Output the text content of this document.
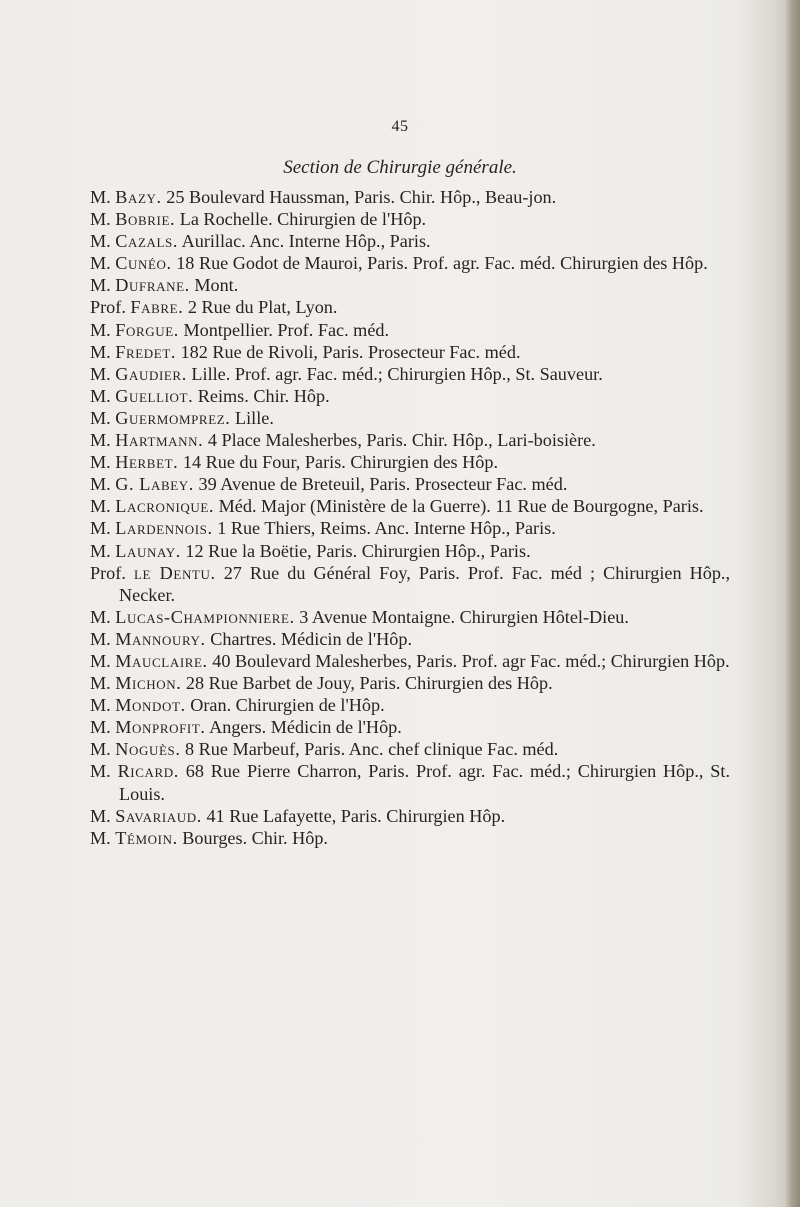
45
Section de Chirurgie générale.
M. Bazy. 25 Boulevard Haussman, Paris. Chir. Hôp., Beau-jon.
M. Bobrie. La Rochelle. Chirurgien de l'Hôp.
M. Cazals. Aurillac. Anc. Interne Hôp., Paris.
M. Cunéo. 18 Rue Godot de Mauroi, Paris. Prof. agr. Fac. méd. Chirurgien des Hôp.
M. Dufrane. Mont.
Prof. Fabre. 2 Rue du Plat, Lyon.
M. Forgue. Montpellier. Prof. Fac. méd.
M. Fredet. 182 Rue de Rivoli, Paris. Prosecteur Fac. méd.
M. Gaudier. Lille. Prof. agr. Fac. méd.; Chirurgien Hôp., St. Sauveur.
M. Guelliot. Reims. Chir. Hôp.
M. Guermomprez. Lille.
M. Hartmann. 4 Place Malesherbes, Paris. Chir. Hôp., Lari-boisière.
M. Herbet. 14 Rue du Four, Paris. Chirurgien des Hôp.
M. G. Labey. 39 Avenue de Breteuil, Paris. Prosecteur Fac. méd.
M. Lacronique. Méd. Major (Ministère de la Guerre). 11 Rue de Bourgogne, Paris.
M. Lardennois. 1 Rue Thiers, Reims. Anc. Interne Hôp., Paris.
M. Launay. 12 Rue la Boëtie, Paris. Chirurgien Hôp., Paris.
Prof. le Dentu. 27 Rue du Général Foy, Paris. Prof. Fac. méd ; Chirurgien Hôp., Necker.
M. Lucas-Championniere. 3 Avenue Montaigne. Chirurgien Hôtel-Dieu.
M. Mannoury. Chartres. Médicin de l'Hôp.
M. Mauclaire. 40 Boulevard Malesherbes, Paris. Prof. agr Fac. méd.; Chirurgien Hôp.
M. Michon. 28 Rue Barbet de Jouy, Paris. Chirurgien des Hôp.
M. Mondot. Oran. Chirurgien de l'Hôp.
M. Monprofit. Angers. Médicin de l'Hôp.
M. Noguès. 8 Rue Marbeuf, Paris. Anc. chef clinique Fac. méd.
M. Ricard. 68 Rue Pierre Charron, Paris. Prof. agr. Fac. méd.; Chirurgien Hôp., St. Louis.
M. Savariaud. 41 Rue Lafayette, Paris. Chirurgien Hôp.
M. Témoin. Bourges. Chir. Hôp.
